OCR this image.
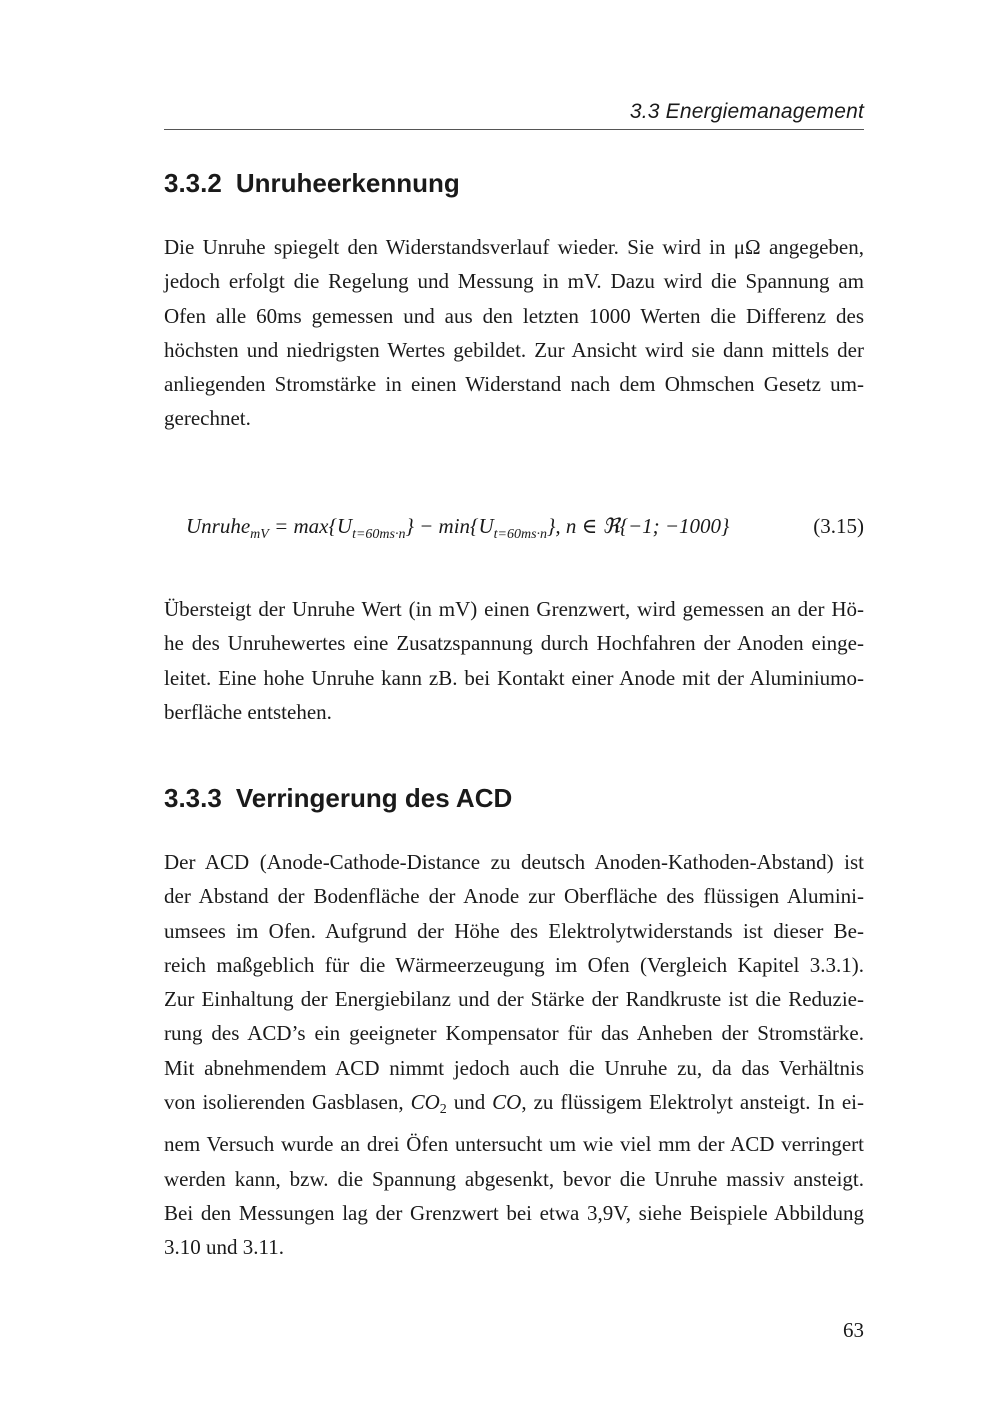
3.3 Energiemanagement
3.3.2 Unruheerkennung

Die Unruhe spiegelt den Widerstandsverlauf wieder. Sie wird in μΩ angegeben,
jedoch erfolgt die Regelung und Messung in mV. Dazu wird die Spannung am
Ofen alle 60ms gemessen und aus den letzten 1000 Werten die Differenz des
höchsten und niedrigsten Wertes gebildet. Zur Ansicht wird sie dann mittels der
anliegenden Stromstärke in einen Widerstand nach dem Ohmschen Gesetz um-
gerechnet.

Unruhe$_{mV}$ = $\max\{U_{t=60ms\cdot n}\} - \min\{U_{t=60ms\cdot n}\}$, n ∈ ℜ{−1; −1000}	(3.15)

Übersteigt der Unruhe Wert (in mV) einen Grenzwert, wird gemessen an der Hö-
he des Unruhewertes eine Zusatzspannung durch Hochfahren der Anoden einge-
leitet. Eine hohe Unruhe kann zB. bei Kontakt einer Anode mit der Aluminiumo-
berfläche entstehen.

3.3.3 Verringerung des ACD

Der ACD (Anode-Cathode-Distance zu deutsch Anoden-Kathoden-Abstand) ist
der Abstand der Bodenfläche der Anode zur Oberfläche des flüssigen Alumini-
umsees im Ofen. Aufgrund der Höhe des Elektrolytwiderstands ist dieser Be-
reich maßgeblich für die Wärmeerzeugung im Ofen (Vergleich Kapitel 3.3.1).
Zur Einhaltung der Energiebilanz und der Stärke der Randkruste ist die Reduzie-
rung des ACD’s ein geeigneter Kompensator für das Anheben der Stromstärke.
Mit abnehmendem ACD nimmt jedoch auch die Unruhe zu, da das Verhältnis
von isolierenden Gasblasen, $CO_2$ und CO, zu flüssigem Elektrolyt ansteigt. In ei-
nem Versuch wurde an drei Öfen untersucht um wie viel mm der ACD verringert
werden kann, bzw. die Spannung abgesenkt, bevor die Unruhe massiv ansteigt.
Bei den Messungen lag der Grenzwert bei etwa 3,9V, siehe Beispiele Abbildung
3.10 und 3.11.

63
